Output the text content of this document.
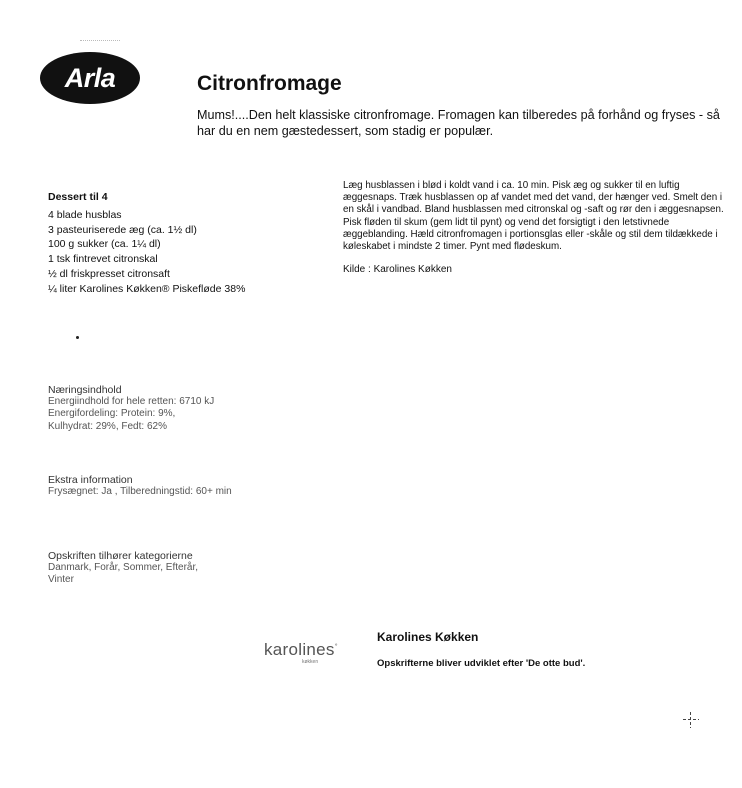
Arla	Citronfromage
Mums!....Den helt klassiske citronfromage. Fromagen kan tilberedes på forhånd og fryses - så har du en nem gæstedessert, som stadig er populær.
Dessert til 4
4 blade husblas
3 pasteuriserede æg (ca. 1½ dl)
100 g sukker (ca. 1¼ dl)
1 tsk fintrevet citronskal
½ dl friskpresset citronsaft
¼ liter Karolines Køkken® Piskefløde 38%
Næringsindhold
Energiindhold for hele retten: 6710 kJ
Energifordeling: Protein: 9%,
Kulhydrat: 29%, Fedt: 62%
Ekstra information
Frysægnet: Ja , Tilberedningstid: 60+ min
Opskriften tilhører kategorierne
Danmark, Forår, Sommer, Efterår, Vinter
Læg husblassen i blød i koldt vand i ca. 10 min. Pisk æg og sukker til en luftig æggesnaps. Træk husblassen op af vandet med det vand, der hænger ved. Smelt den i en skål i vandbad. Bland husblassen med citronskal og -saft og rør den i æggesnapsen. Pisk fløden til skum (gem lidt til pynt) og vend det forsigtigt i den letstivnede æggeblanding. Hæld citronfromagen i portionsglas eller -skåle og stil dem tildækkede i køleskabet i mindste 2 timer. Pynt med flødeskum.
Kilde : Karolines Køkken
karolines°
køkken
Karolines Køkken
Opskrifterne bliver udviklet efter 'De otte bud'.
